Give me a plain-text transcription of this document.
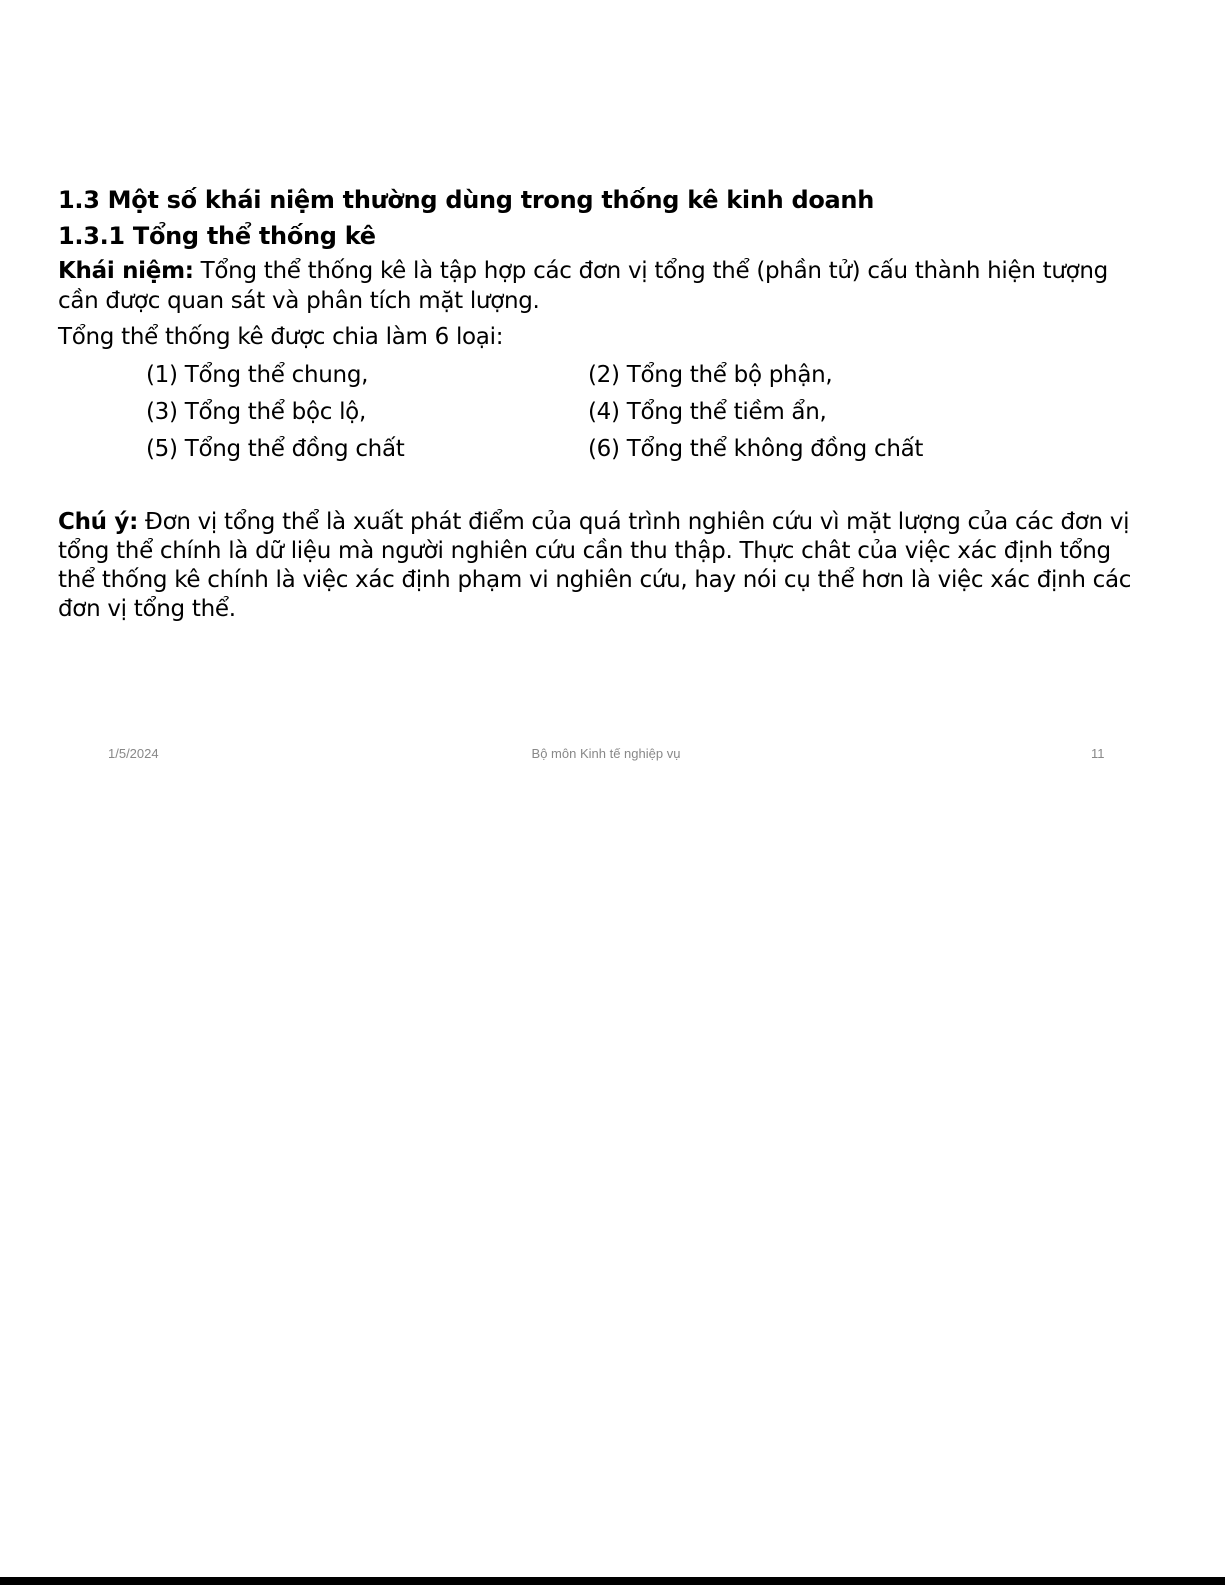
1.3 Một số khái niệm thường dùng trong thống kê kinh doanh
1.3.1 Tổng thể thống kê

Khái niệm: Tổng thể thống kê là tập hợp các đơn vị tổng thể (phần tử) cấu thành hiện tượng cần được quan sát và phân tích mặt lượng.

Tổng thể thống kê được chia làm 6 loại:

(1) Tổng thể chung,	(2) Tổng thể bộ phận,
(3) Tổng thể bộc lộ,	(4) Tổng thể tiềm ẩn,
(5) Tổng thể đồng chất	(6) Tổng thể không đồng chất

Chú ý: Đơn vị tổng thể là xuất phát điểm của quá trình nghiên cứu vì mặt lượng của các đơn vị tổng thể chính là dữ liệu mà người nghiên cứu cần thu thập. Thực chât của việc xác định tổng thể thống kê chính là việc xác định phạm vi nghiên cứu, hay nói cụ thể hơn là việc xác định các đơn vị tổng thể.

1/5/2024	Bộ môn Kinh tế nghiệp vụ	11
